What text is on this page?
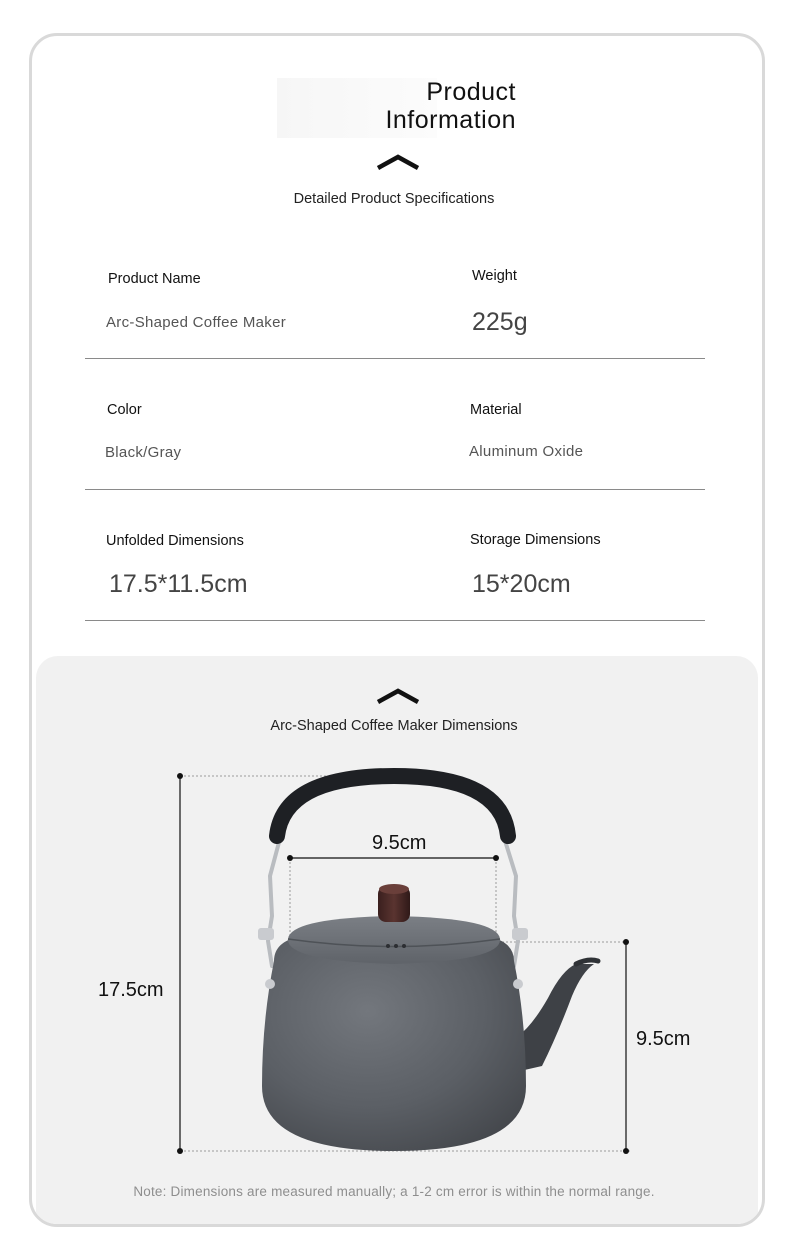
Product
Information
Detailed Product Specifications
Product Name
Arc-Shaped Coffee Maker
Weight
225g
Color
Black/Gray
Material
Aluminum Oxide
Unfolded Dimensions
17.5*11.5cm
Storage Dimensions
15*20cm
Arc-Shaped Coffee Maker Dimensions
9.5cm
17.5cm
9.5cm
Note: Dimensions are measured manually; a 1-2 cm error is within the normal range.
